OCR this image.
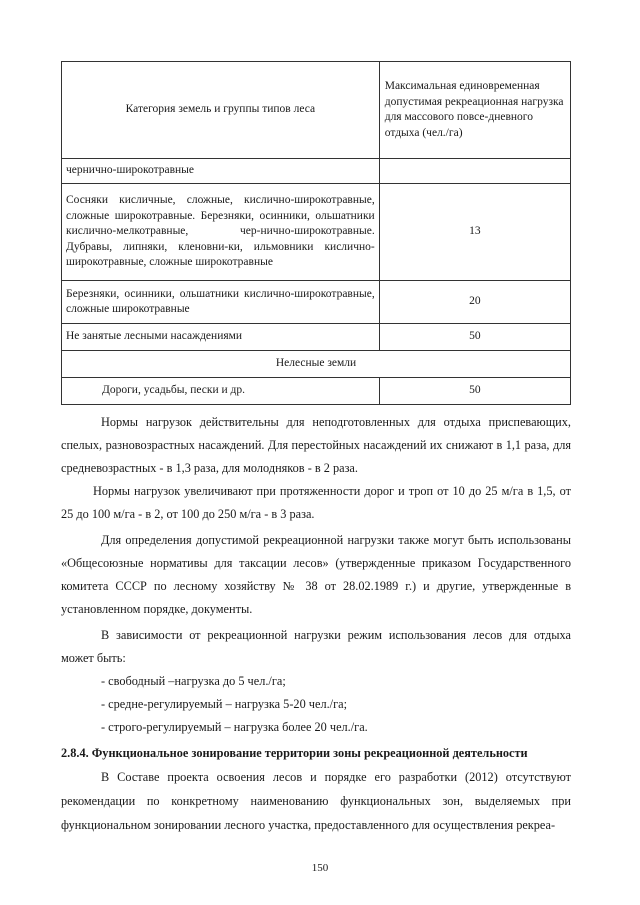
Категория земель и группы типов леса	Максимальная единовременная допустимая рекреационная нагрузка для массового повсе-дневного отдыха (чел./га)
чернично-широкотравные	
Сосняки кисличные, сложные, кислично-широкотравные, сложные широкотравные. Березняки, осинники, ольшатники кислично-мелкотравные, чер-нично-широкотравные. Дубравы, липняки, кленовни-ки, ильмовники кислично-широкотравные, сложные широкотравные	13
Березняки, осинники, ольшатники кислично-широкотравные, сложные широкотравные	20
Не занятые лесными насаждениями	50
Нелесные земли	
Дороги, усадьбы, пески и др.	50

Нормы нагрузок действительны для неподготовленных для отдыха приспевающих, спелых, разновозрастных насаждений. Для перестойных насаждений их снижают в 1,1 раза, для средневозрастных - в 1,3 раза, для молодняков - в 2 раза.

Нормы нагрузок увеличивают при протяженности дорог и троп от 10 до 25 м/га в 1,5, от 25 до 100 м/га - в 2, от 100 до 250 м/га - в 3 раза.

Для определения допустимой рекреационной нагрузки также могут быть использованы «Общесоюзные нормативы для таксации лесов» (утвержденные приказом Государственного комитета СССР по лесному хозяйству № 38 от 28.02.1989 г.) и другие, утвержденные в установленном порядке, документы.

В зависимости от рекреационной нагрузки режим использования лесов для отдыха может быть:

- свободный –нагрузка до 5 чел./га;

- средне-регулируемый – нагрузка 5-20 чел./га;

- строго-регулируемый – нагрузка более 20 чел./га.

2.8.4. Функциональное зонирование территории зоны рекреационной деятельности

В Составе проекта освоения лесов и порядке его разработки (2012) отсутствуют рекомендации по конкретному наименованию функциональных зон, выделяемых при функциональном зонировании лесного участка, предоставленного для осуществления рекреа-

150
